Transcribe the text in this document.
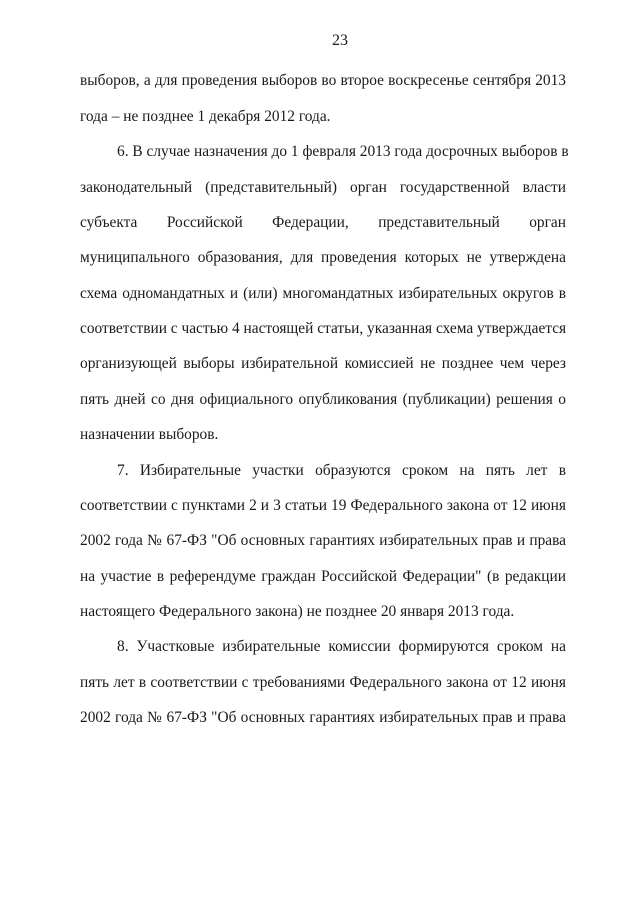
23
выборов, а для проведения выборов во второе воскресенье сентября 2013
года – не позднее 1 декабря 2012 года.
6. В случае назначения до 1 февраля 2013 года досрочных выборов в
законодательный (представительный) орган государственной власти
субъекта Российской Федерации, представительный орган
муниципального образования, для проведения которых не утверждена
схема одномандатных и (или) многомандатных избирательных округов в
соответствии с частью 4 настоящей статьи, указанная схема утверждается
организующей выборы избирательной комиссией не позднее чем через
пять дней со дня официального опубликования (публикации) решения о
назначении выборов.
7. Избирательные участки образуются сроком на пять лет в
соответствии с пунктами 2 и 3 статьи 19 Федерального закона от 12 июня
2002 года № 67-ФЗ "Об основных гарантиях избирательных прав и права
на участие в референдуме граждан Российской Федерации" (в редакции
настоящего Федерального закона) не позднее 20 января 2013 года.
8. Участковые избирательные комиссии формируются сроком на
пять лет в соответствии с требованиями Федерального закона от 12 июня
2002 года № 67-ФЗ "Об основных гарантиях избирательных прав и права
